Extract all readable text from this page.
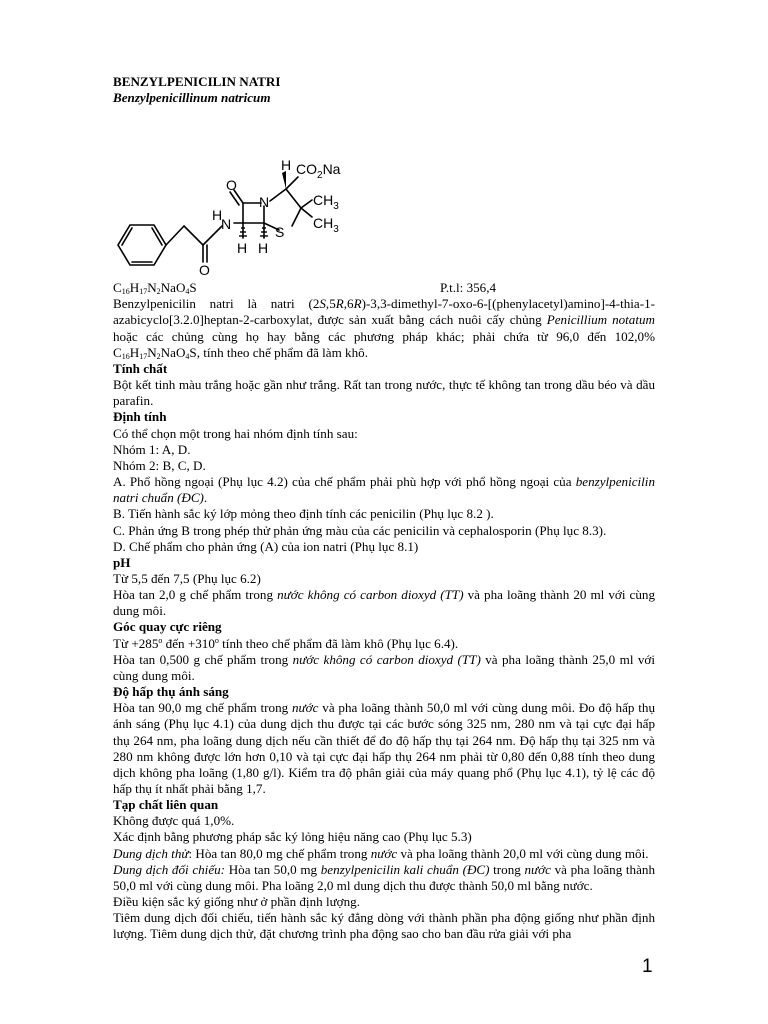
BENZYLPENICILIN NATRI

Benzylpenicillinum natricum

H $CO_2Na$
O
N	$CH_3$
$CH_3$
H
N	S
H H
O
$C_{16}H_{17}N_2NaO_4S$	P.t.l: 356,4

Benzylpenicilin natri là natri (2S,5R,6R)-3,3-dimethyl-7-oxo-6-[(phenylacetyl)amino]-4-thia-1-azabicyclo[3.2.0]heptan-2-carboxylat, được sản xuất bằng cách nuôi cấy chủng Penicillium notatum hoặc các chủng cùng họ hay bằng các phương pháp khác; phải chứa từ 96,0 đến 102,0% $C_{16}H_{17}N_2NaO_4S$, tính theo chế phẩm đã làm khô.

Tính chất

Bột kết tinh màu trắng hoặc gần như trắng. Rất tan trong nước, thực tế không tan trong dầu béo và dầu parafin.

Định tính

Có thể chọn một trong hai nhóm định tính sau:

Nhóm 1: A, D.

Nhóm 2: B, C, D.

A. Phổ hồng ngoại (Phụ lục 4.2) của chế phẩm phải phù hợp với phổ hồng ngoại của benzylpenicilin natri chuẩn (ĐC).

B. Tiến hành sắc ký lớp mỏng theo định tính các penicilin (Phụ lục 8.2 ).

C. Phản ứng B trong phép thử phản ứng màu của các penicilin và cephalosporin (Phụ lục 8.3).

D. Chế phẩm cho phản ứng (A) của ion natri (Phụ lục 8.1)

pH

Từ 5,5 đến 7,5 (Phụ lục 6.2)

Hòa tan 2,0 g chế phẩm trong nước không có carbon dioxyd (TT) và pha loãng thành 20 ml với cùng dung môi.

Góc quay cực riêng

Từ $+285^o$ đến $+310^o$ tính theo chế phẩm đã làm khô (Phụ lục 6.4).

Hòa tan 0,500 g chế phẩm trong nước không có carbon dioxyd (TT) và pha loãng thành 25,0 ml với cùng dung môi.

Độ hấp thụ ánh sáng

Hòa tan 90,0 mg chế phẩm trong nước và pha loãng thành 50,0 ml với cùng dung môi. Đo độ hấp thụ ánh sáng (Phụ lục 4.1) của dung dịch thu được tại các bước sóng 325 nm, 280 nm và tại cực đại hấp thụ 264 nm, pha loãng dung dịch nếu cần thiết để đo độ hấp thụ tại 264 nm. Độ hấp thụ tại 325 nm và 280 nm không được lớn hơn 0,10 và tại cực đại hấp thụ 264 nm phải từ 0,80 đến 0,88 tính theo dung dịch không pha loãng (1,80 g/l). Kiểm tra độ phân giải của máy quang phổ (Phụ lục 4.1), tỷ lệ các độ hấp thụ ít nhất phải bằng 1,7.

Tạp chất liên quan

Không được quá 1,0%.

Xác định bằng phương pháp sắc ký lỏng hiệu năng cao (Phụ lục 5.3)

Dung dịch thử: Hòa tan 80,0 mg chế phẩm trong nước và pha loãng thành 20,0 ml với cùng dung môi.

Dung dịch đối chiếu: Hòa tan 50,0 mg benzylpenicilin kali chuẩn (ĐC) trong nước và pha loãng thành 50,0 ml với cùng dung môi. Pha loãng 2,0 ml dung dịch thu được thành 50,0 ml bằng nước.

Điều kiện sắc ký giống như ở phần định lượng.

Tiêm dung dịch đối chiếu, tiến hành sắc ký đẳng dòng với thành phần pha động giống như phần định lượng. Tiêm dung dịch thử, đặt chương trình pha động sao cho ban đầu rửa giải với pha

1
